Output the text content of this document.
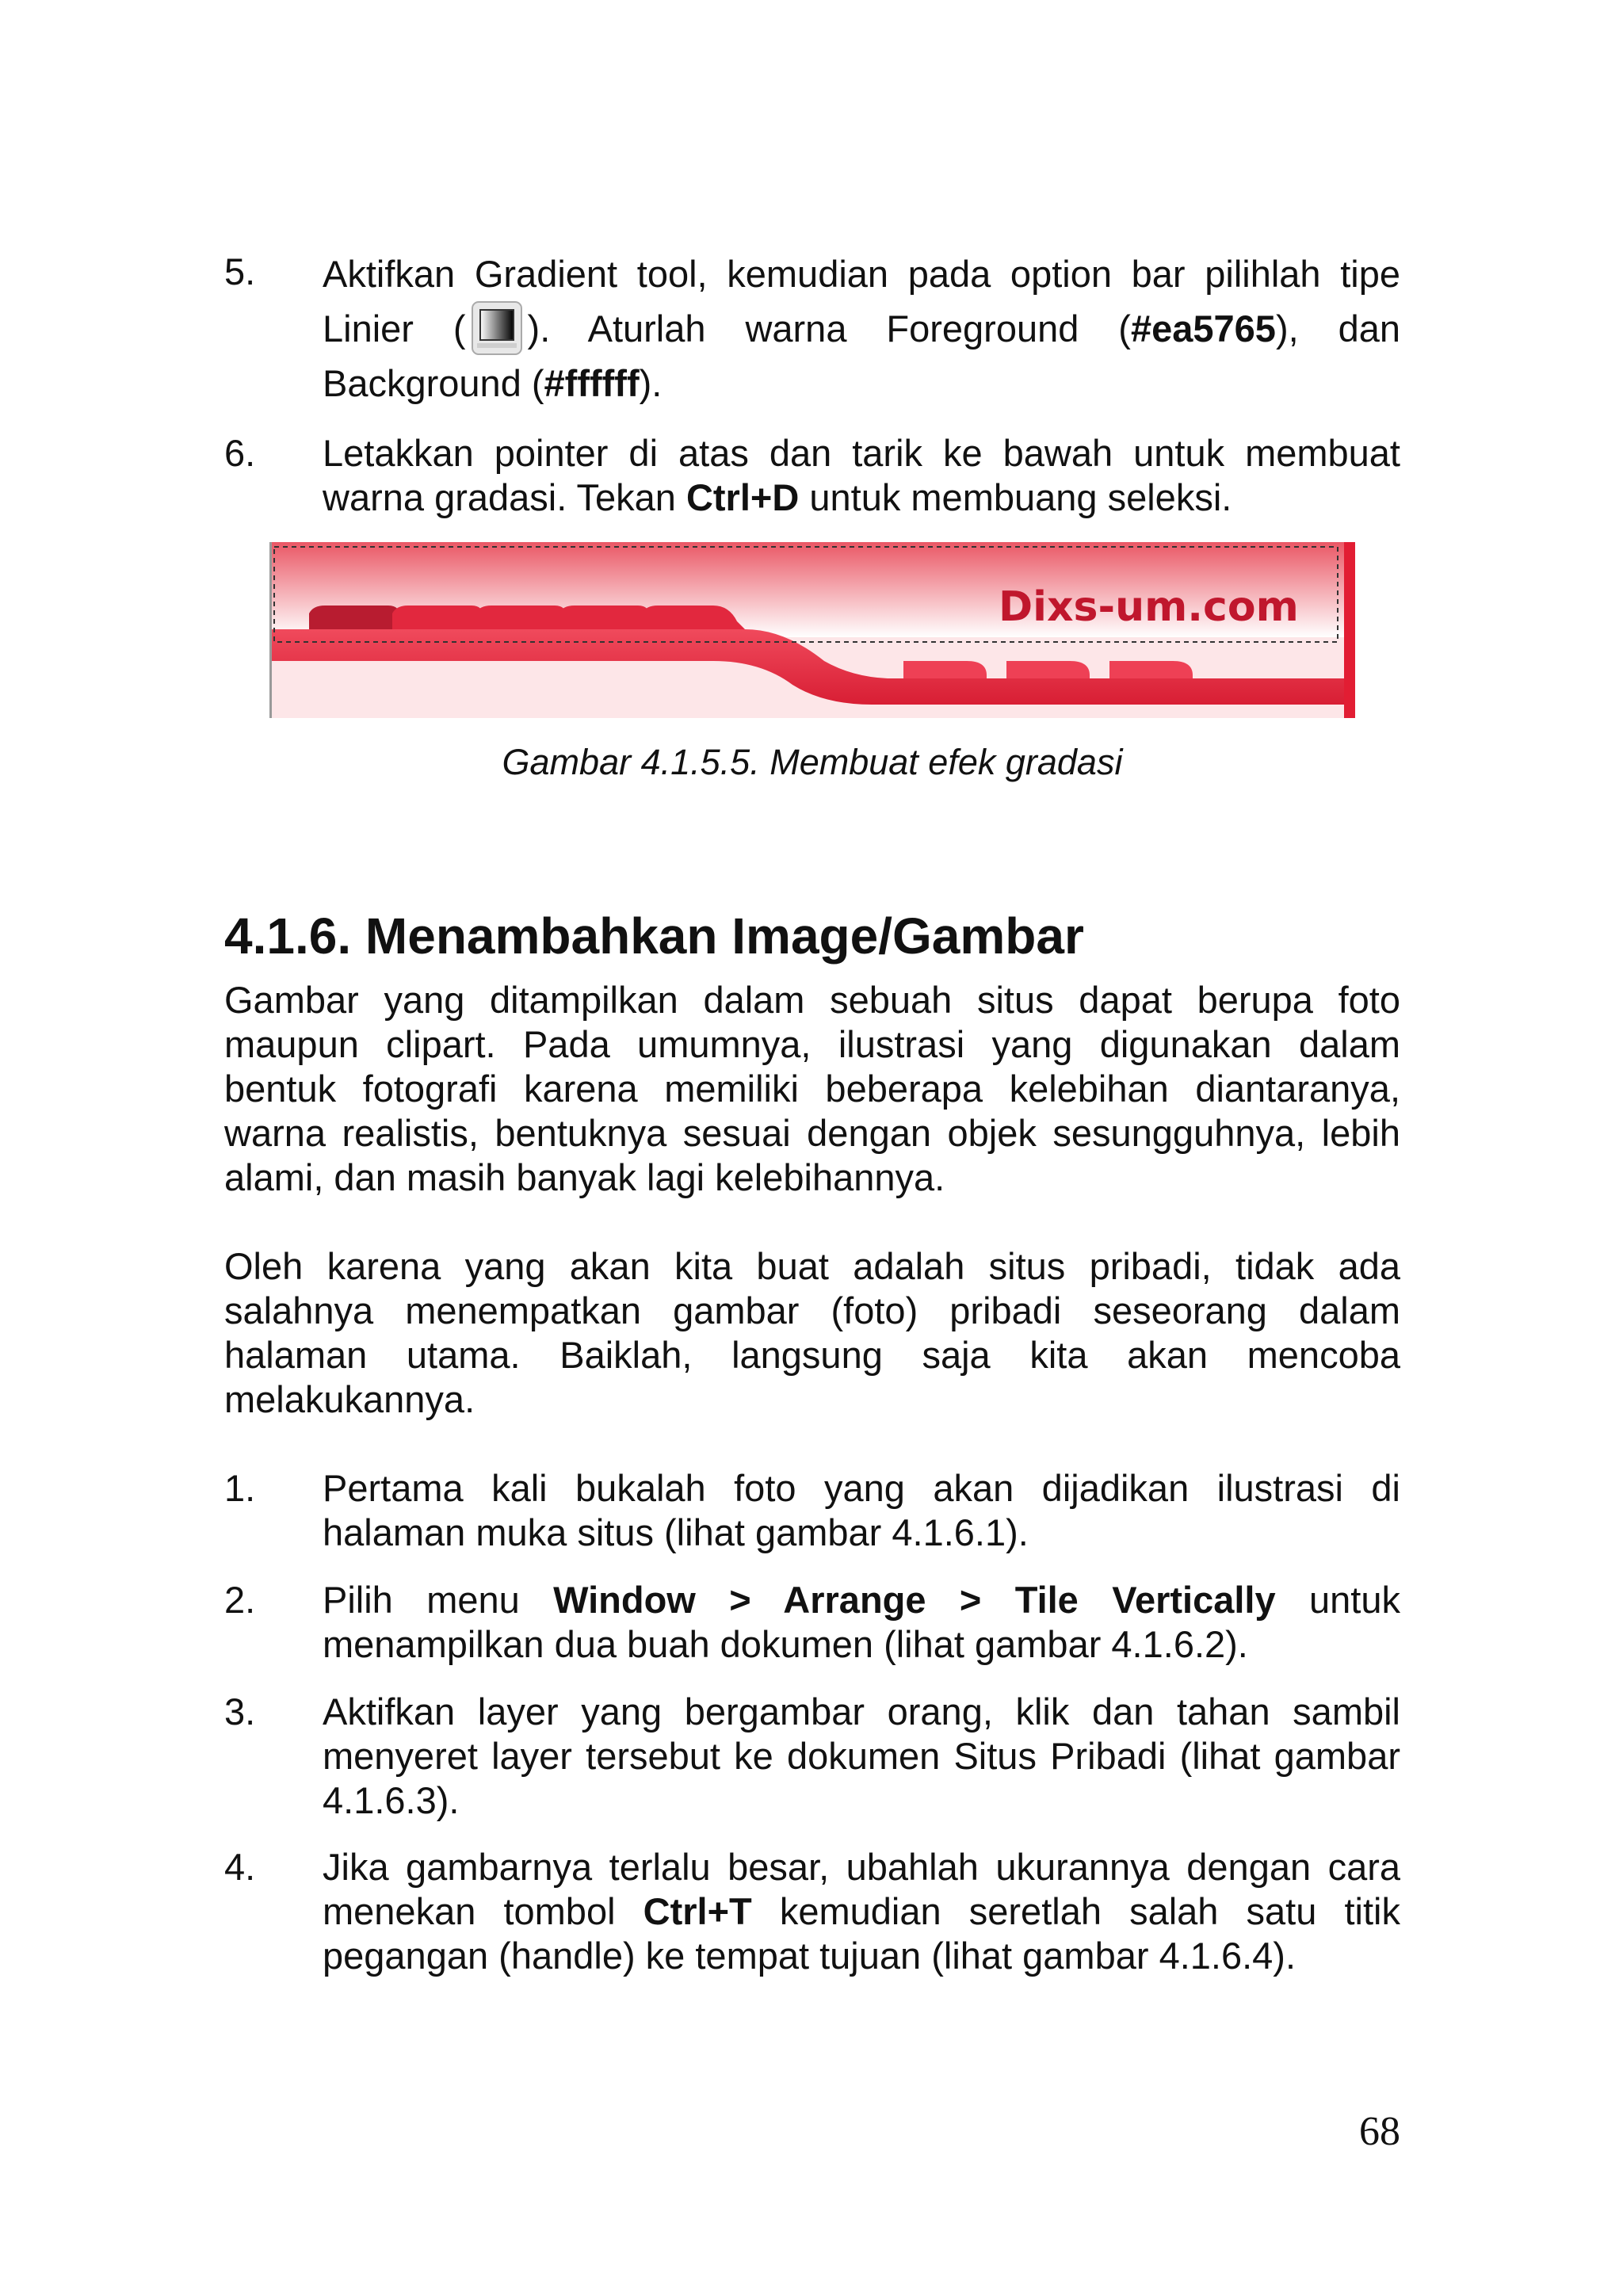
5.	Aktifkan Gradient tool, kemudian pada option bar pilihlah tipe Linier ( ). Aturlah warna Foreground (#ea5765), dan Background (#ffffff).
6.	Letakkan pointer di atas dan tarik ke bawah untuk membuat warna gradasi. Tekan Ctrl+D untuk membuang seleksi.
Dixs-um.com
Gambar 4.1.5.5. Membuat efek gradasi
4.1.6. Menambahkan Image/Gambar

Gambar yang ditampilkan dalam sebuah situs dapat berupa foto maupun clipart. Pada umumnya, ilustrasi yang digunakan dalam bentuk fotografi karena memiliki beberapa kelebihan diantaranya, warna realistis, bentuknya sesuai dengan objek sesungguhnya, lebih alami, dan masih banyak lagi kelebihannya.

Oleh karena yang akan kita buat adalah situs pribadi, tidak ada salahnya menempatkan gambar (foto) pribadi seseorang dalam halaman utama. Baiklah, langsung saja kita akan mencoba melakukannya.

1.	Pertama kali bukalah foto yang akan dijadikan ilustrasi di halaman muka situs (lihat gambar 4.1.6.1).
2.	Pilih menu Window > Arrange > Tile Vertically untuk menampilkan dua buah dokumen (lihat gambar 4.1.6.2).
3.	Aktifkan layer yang bergambar orang, klik dan tahan sambil menyeret layer tersebut ke dokumen Situs Pribadi (lihat gambar 4.1.6.3).
4.	Jika gambarnya terlalu besar, ubahlah ukurannya dengan cara menekan tombol Ctrl+T kemudian seretlah salah satu titik pegangan (handle) ke tempat tujuan (lihat gambar 4.1.6.4).
68
